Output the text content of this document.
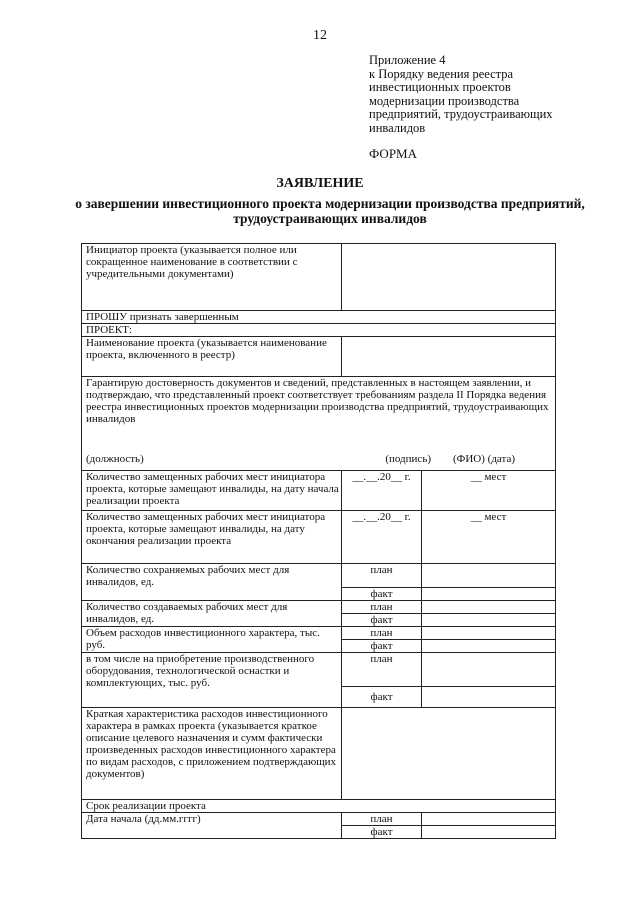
12
Приложение 4
к Порядку ведения реестра
инвестиционных проектов
модернизации производства
предприятий, трудоустраивающих
инвалидов
ФОРМА
ЗАЯВЛЕНИЕ
о завершении инвестиционного проекта модернизации производства предприятий, трудоустраивающих инвалидов
Инициатор проекта (указывается полное или сокращенное наименование в соответствии с учредительными документами)		
ПРОШУ признать завершенным		
ПРОЕКТ:		
Наименование проекта (указывается наименование проекта, включенного в реестр)		

Гарантирую достоверность документов и сведений, представленных в настоящем заявлении, и подтверждаю, что представленный проект соответствует требованиям раздела II Порядка ведения реестра инвестиционных проектов модернизации производства предприятий, трудоустраивающих инвалидов
(должность) (подпись) (ФИО) (дата)		

Количество замещенных рабочих мест инициатора проекта, которые замещают инвалиды, на дату начала реализации проекта	__.__.20__ г.	__ мест
Количество замещенных рабочих мест инициатора проекта, которые замещают инвалиды, на дату окончания реализации проекта	__.__.20__ г.	__ мест
Количество сохраняемых рабочих мест для инвалидов, ед.	план	
	факт	
Количество создаваемых рабочих мест для инвалидов, ед.	план	
	факт	
Объем расходов инвестиционного характера, тыс. руб.	план	
	факт	
в том числе на приобретение производственного оборудования, технологической оснастки и комплектующих, тыс. руб.	план	
	факт	
Краткая характеристика расходов инвестиционного характера в рамках проекта (указывается краткое описание целевого назначения и сумм фактически произведенных расходов инвестиционного характера по видам расходов, с приложением подтверждающих документов)		
Срок реализации проекта		
Дата начала (дд.мм.гггг)	план	
	факт	
